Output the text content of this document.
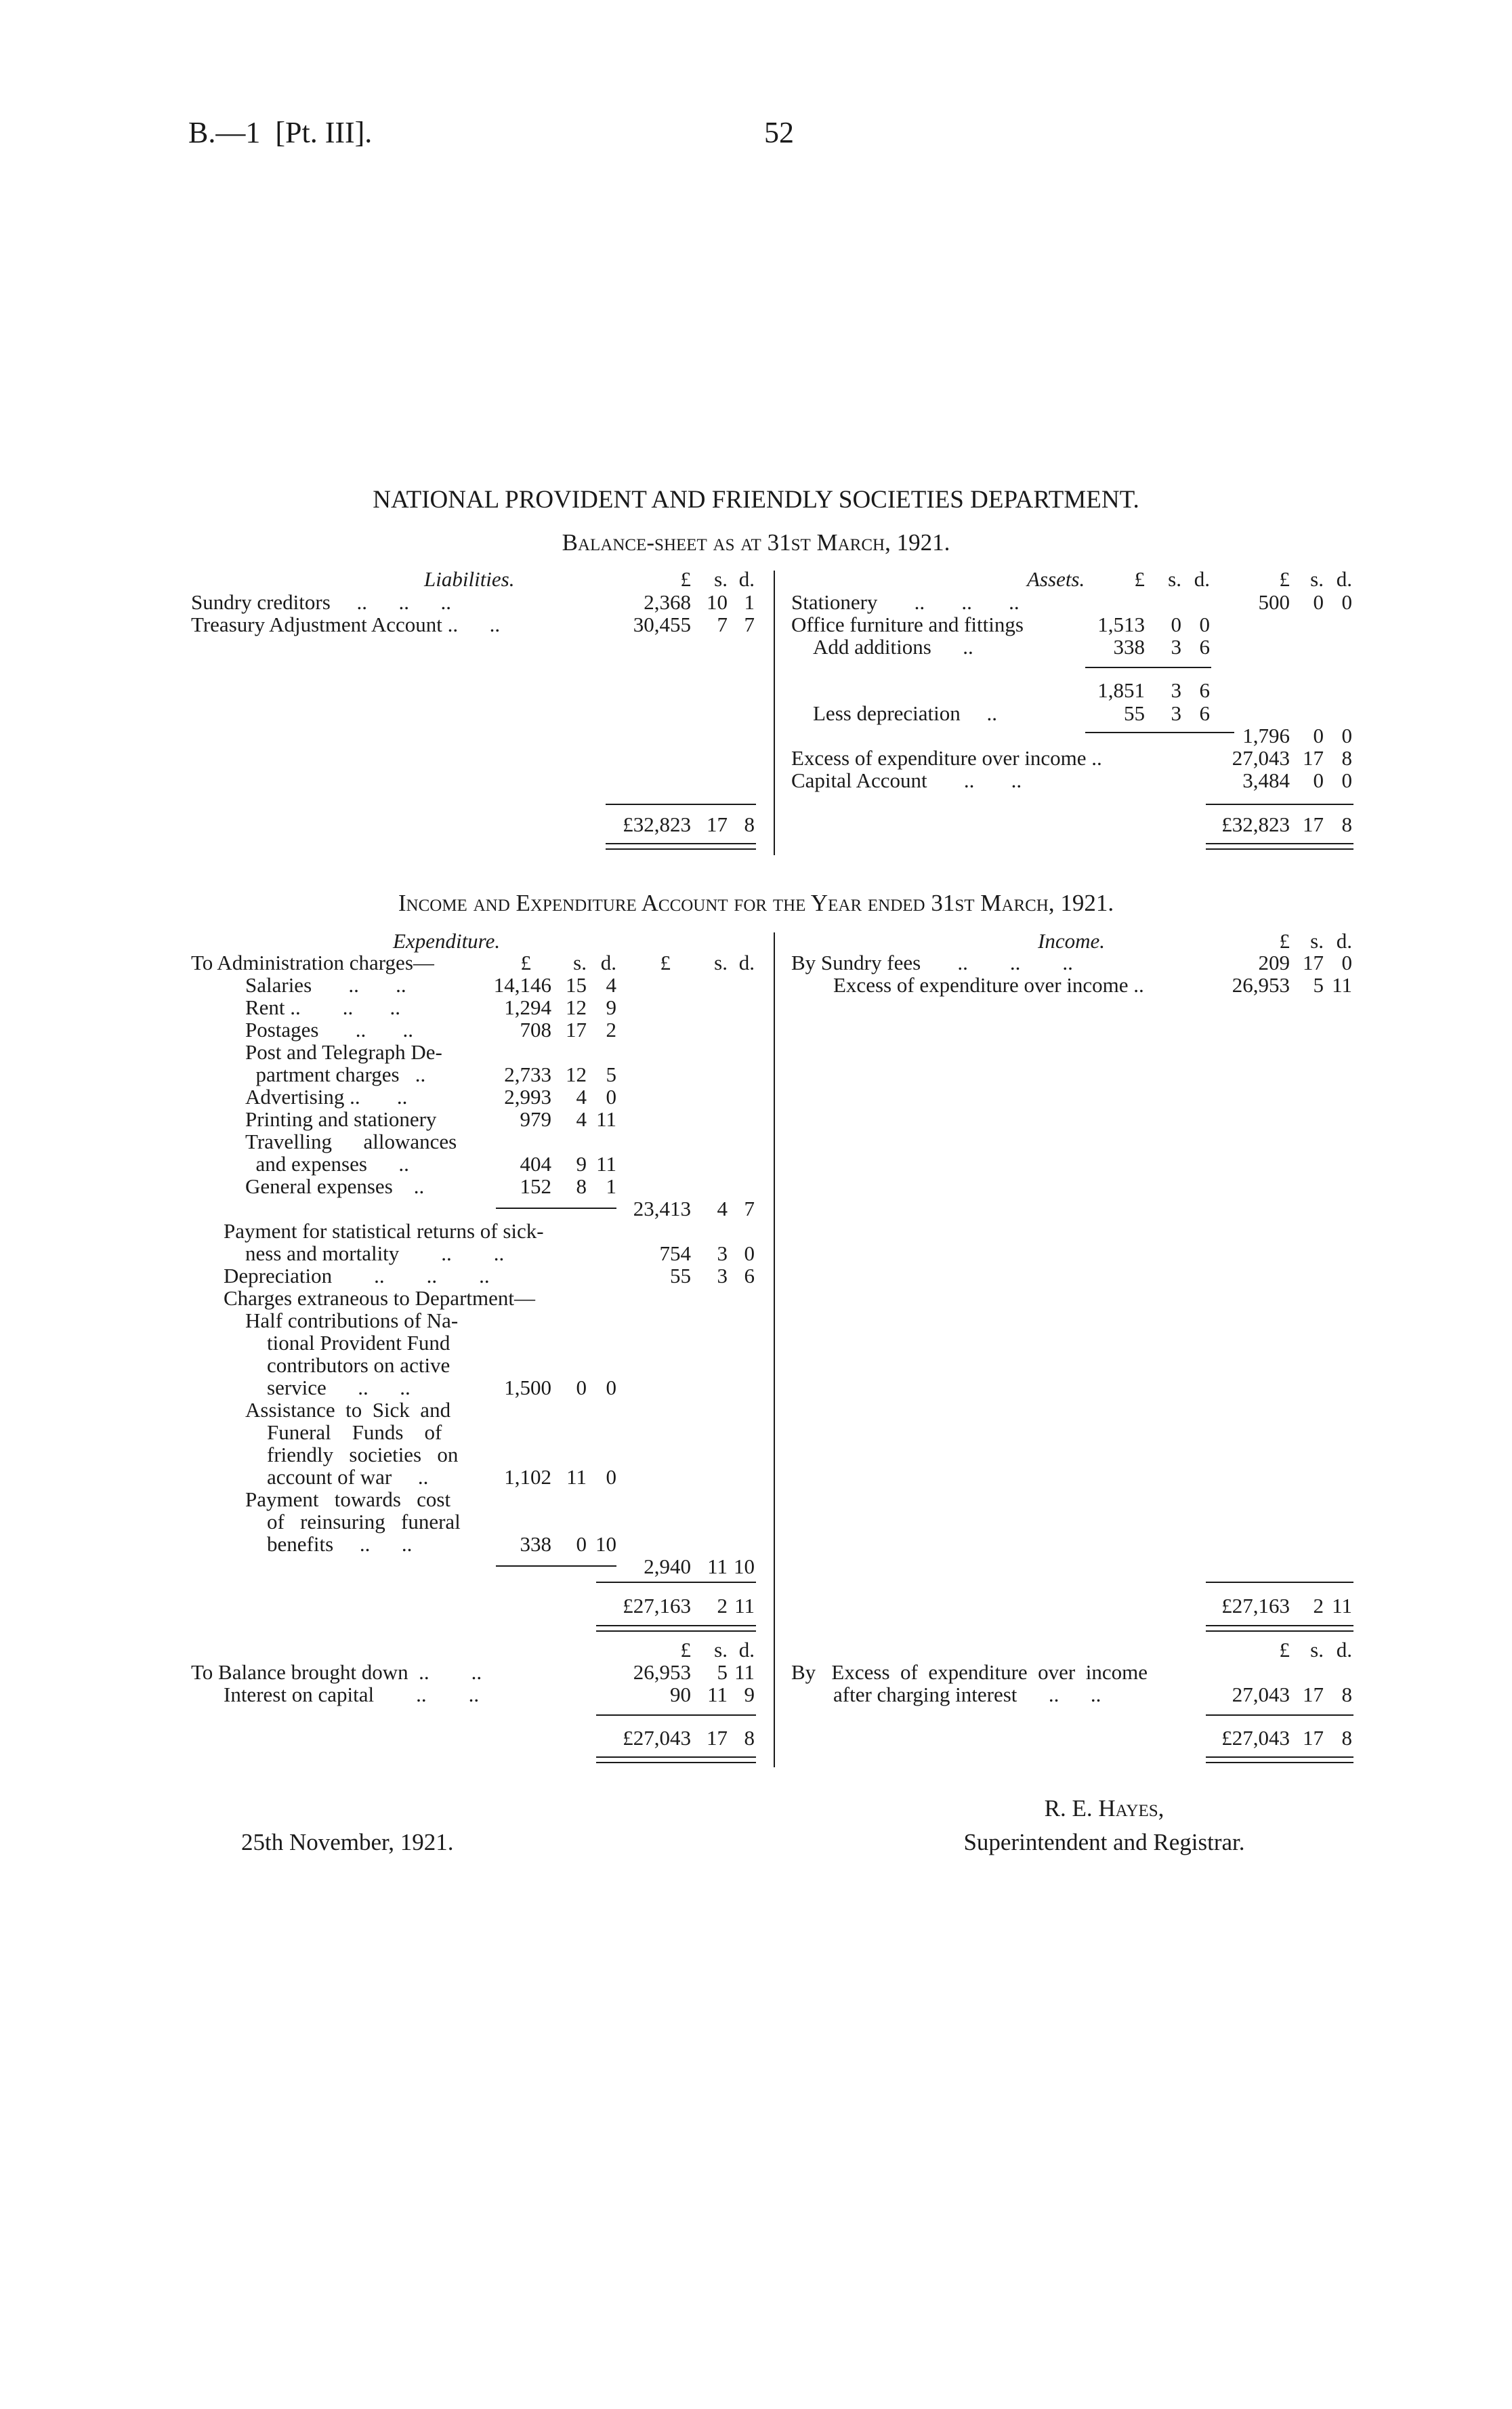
B.—1  [Pt. III].	52
NATIONAL PROVIDENT AND FRIENDLY SOCIETIES DEPARTMENT.
Balance-sheet as at 31st March, 1921.
Liabilities.	£	s. d.
Sundry creditors     ..      ..      ..	2,368 10 1
Treasury Adjustment Account ..      ..	30,455	7 7
£32,823 17 8
Assets.	£	s. d.	£ s. d.
Stationery       ..       ..       ..	500	0 0
Office furniture and fittings	1,513	0 0
Add additions      ..	338	3 6
1,851	3 6
Less depreciation     ..	55	3 6
1,796	0 0
Excess of expenditure over income ..	27,043 17 8
Capital Account       ..       ..	3,484	0 0
£32,823 17 8
Income and Expenditure Account for the Year ended 31st March, 1921.
Expenditure.
To Administration charges—	£	s. d.	£	s. d.
Salaries       ..       ..	14,146 15 4
Rent ..        ..       ..	1,294 12 9
Postages       ..       ..	708 17 2
Post and Telegraph De-
partment charges   ..	2,733 12 5
Advertising ..       ..	2,993	4 0
Printing and stationery	979	4 11
Travelling      allowances
and expenses      ..	404	9 11
General expenses    ..	152	8 1
23,413	4 7
Payment for statistical returns of sick-
ness and mortality        ..        ..	754	3 0
Depreciation        ..        ..        ..	55	3 6
Charges extraneous to Department—
Half contributions of Na-
tional Provident Fund
contributors on active
service      ..      ..	1,500	0 0
Assistance  to  Sick  and
Funeral    Funds    of
friendly   societies   on
account of war     ..	1,102 11 0
Payment   towards   cost
of   reinsuring   funeral
benefits     ..      ..	338	0 10
2,940 11 10
£27,163	2 11
Income.	£ s. d.
By Sundry fees       ..        ..        ..	209 17 0
Excess of expenditure over income ..	26,953	5 11
£27,163	2 11
£	s. d.	£ s. d.
To Balance brought down  ..        ..	26,953	5 11
Interest on capital        ..        ..	90 11 9
By   Excess  of  expenditure  over  income
after charging interest      ..      ..	27,043 17 8
£27,043 17 8	£27,043 17 8
25th November, 1921.
R. E. Hayes,
Superintendent and Registrar.
